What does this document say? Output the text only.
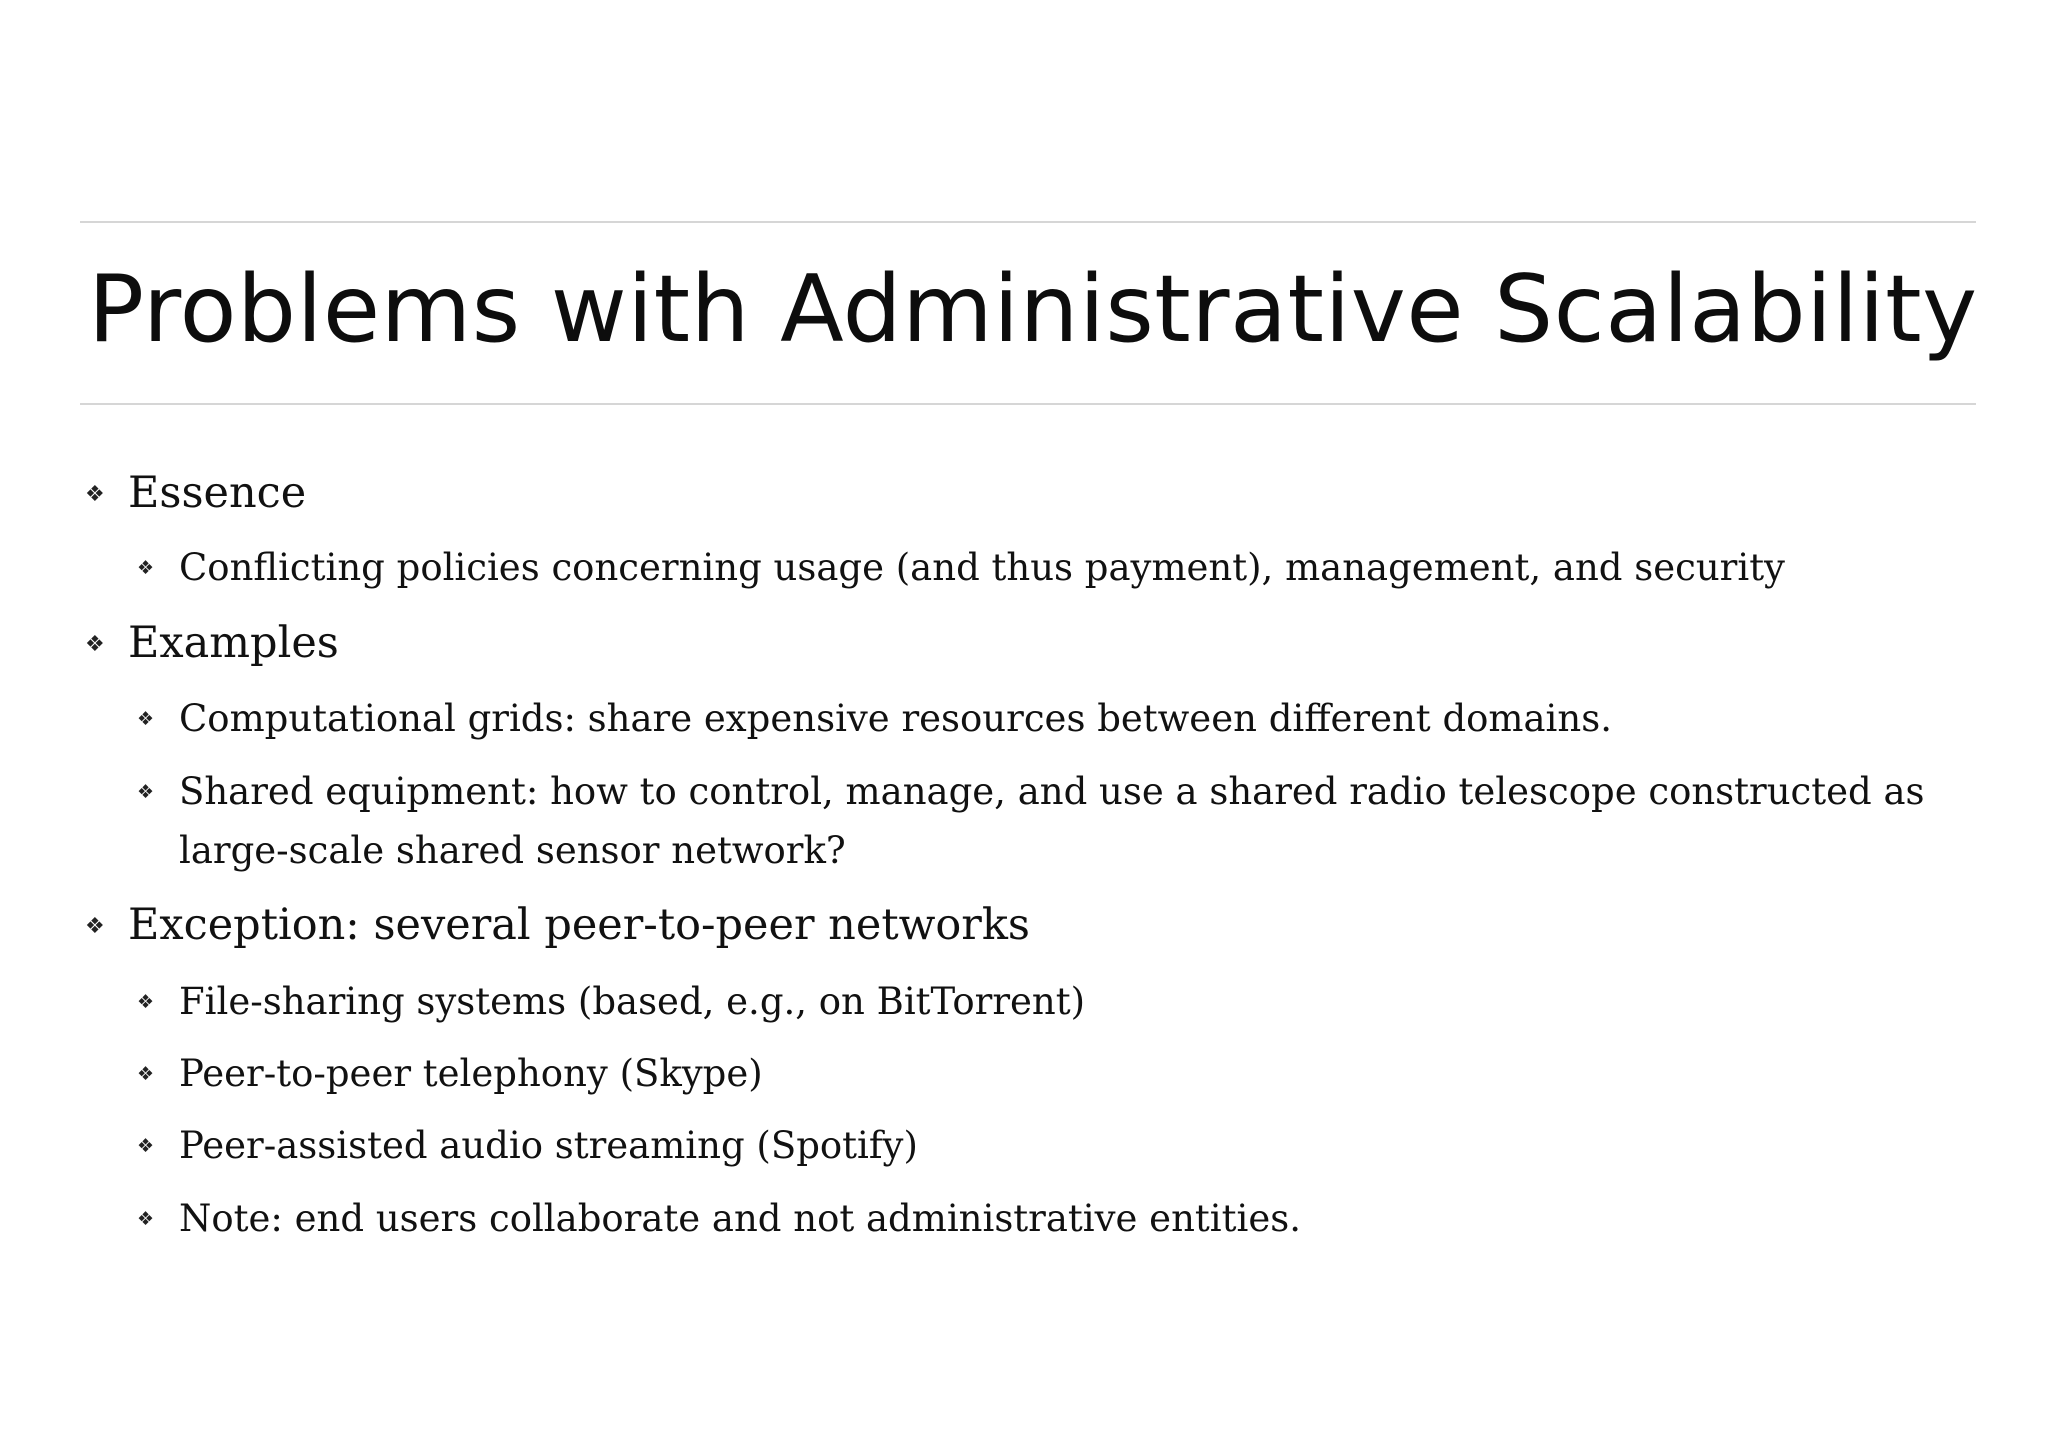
Problems with Administrative Scalability
❖ Essence
❖ Conflicting policies concerning usage (and thus payment), management, and security
❖ Examples
❖ Computational grids: share expensive resources between different domains.
❖ Shared equipment: how to control, manage, and use a shared radio telescope constructed as
large-scale shared sensor network?
❖ Exception: several peer-to-peer networks
❖ File-sharing systems (based, e.g., on BitTorrent)
❖ Peer-to-peer telephony (Skype)
❖ Peer-assisted audio streaming (Spotify)
❖ Note: end users collaborate and not administrative entities.
